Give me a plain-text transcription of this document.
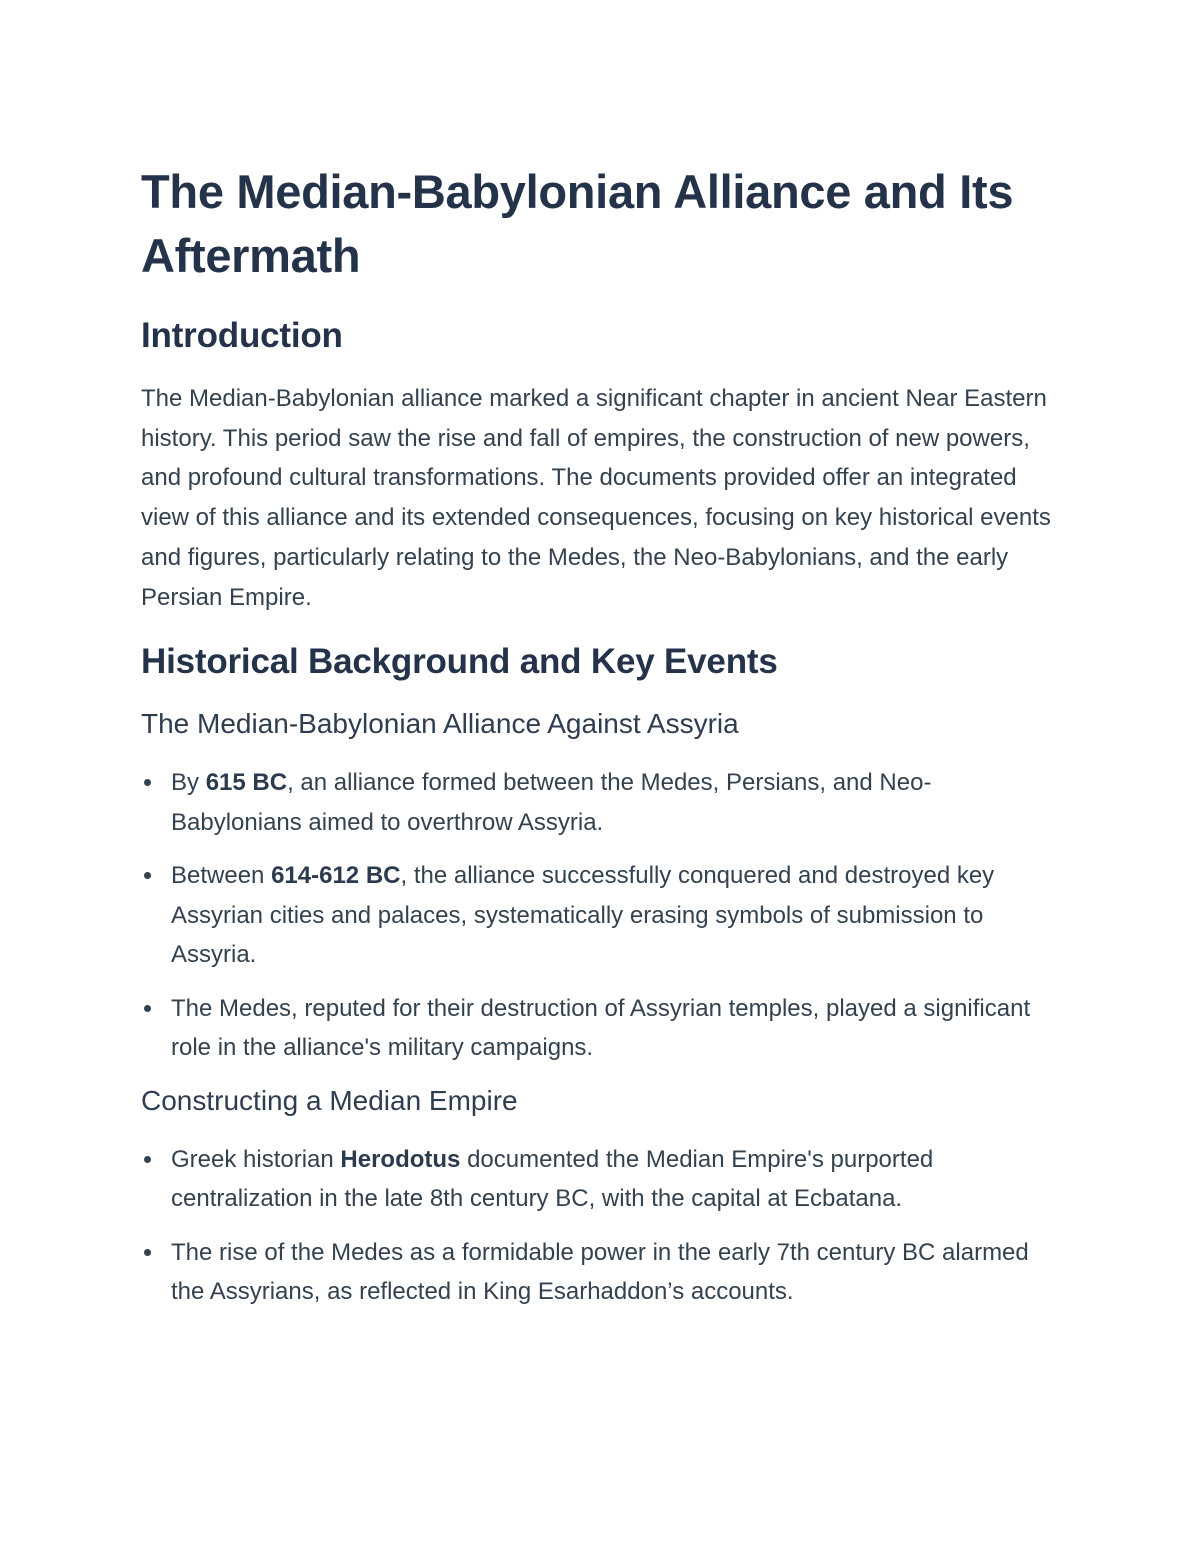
The Median-Babylonian Alliance and Its Aftermath
Introduction

The Median-Babylonian alliance marked a significant chapter in ancient Near Eastern history. This period saw the rise and fall of empires, the construction of new powers, and profound cultural transformations. The documents provided offer an integrated view of this alliance and its extended consequences, focusing on key historical events and figures, particularly relating to the Medes, the Neo-Babylonians, and the early Persian Empire.

Historical Background and Key Events
The Median-Babylonian Alliance Against Assyria
By 615 BC, an alliance formed between the Medes, Persians, and Neo-Babylonians aimed to overthrow Assyria.
Between 614-612 BC, the alliance successfully conquered and destroyed key Assyrian cities and palaces, systematically erasing symbols of submission to Assyria.
The Medes, reputed for their destruction of Assyrian temples, played a significant role in the alliance's military campaigns.
Constructing a Median Empire
Greek historian Herodotus documented the Median Empire's purported centralization in the late 8th century BC, with the capital at Ecbatana.
The rise of the Medes as a formidable power in the early 7th century BC alarmed the Assyrians, as reflected in King Esarhaddon’s accounts.
